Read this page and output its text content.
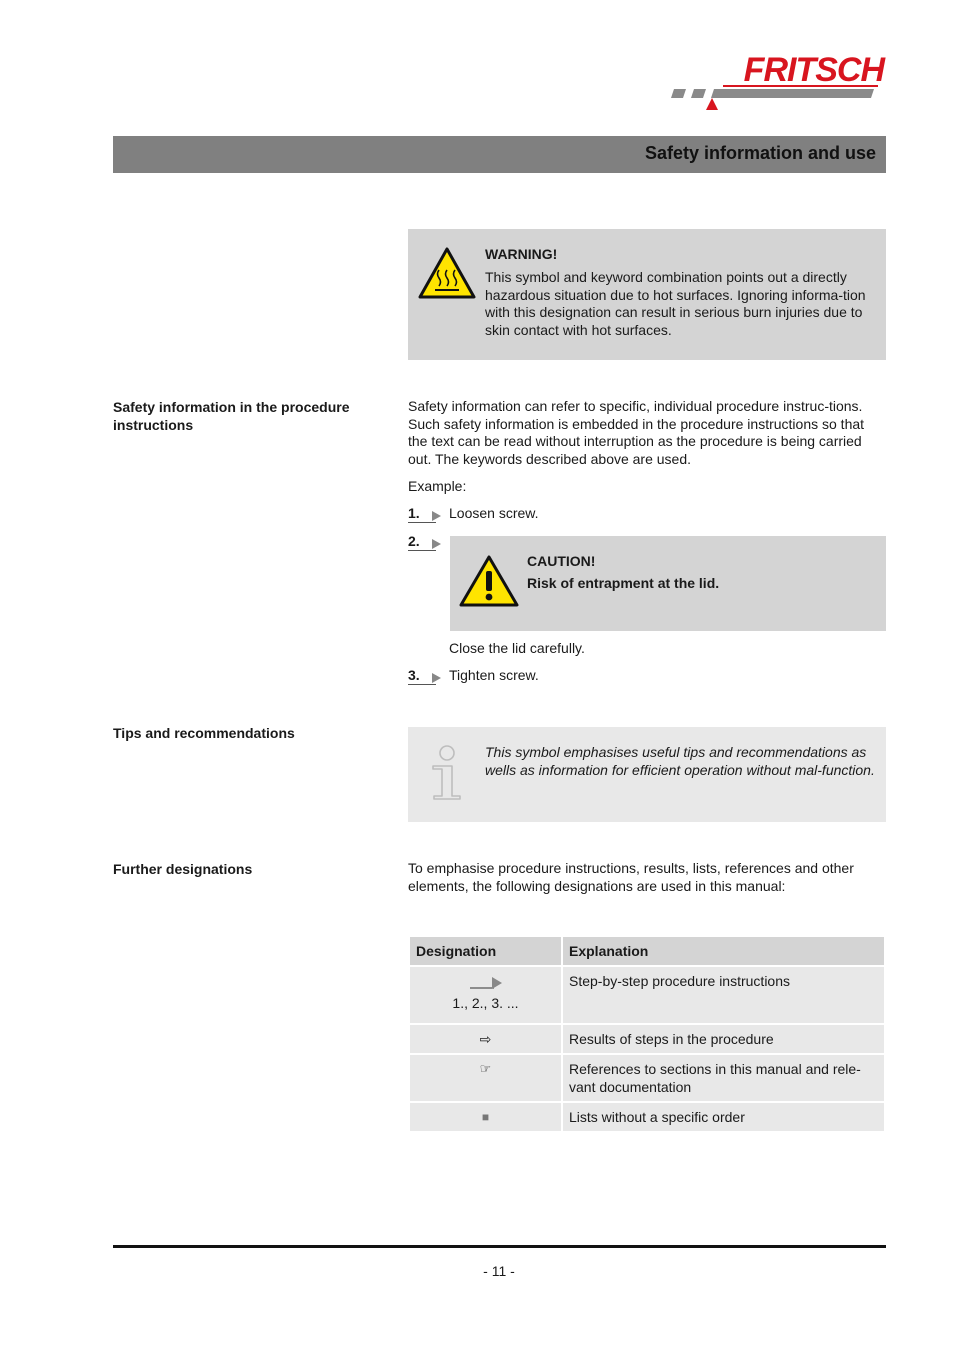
FRITSCH
Safety information and use
WARNING!
This symbol and keyword combination points out a directly hazardous situation due to hot surfaces. Ignoring informa-tion with this designation can result in serious burn injuries due to skin contact with hot surfaces.
Safety information in the procedure instructions
Safety information can refer to specific, individual procedure instruc-tions. Such safety information is embedded in the procedure instructions so that the text can be read without interruption as the procedure is being carried out. The keywords described above are used.
Example:
1.	Loosen screw.
2.
CAUTION!
Risk of entrapment at the lid.
Close the lid carefully.
3.	Tighten screw.
Tips and recommendations
This symbol emphasises useful tips and recommendations as wells as information for efficient operation without mal-function.
Further designations	To emphasise procedure instructions, results, lists, references and other elements, the following designations are used in this manual:
Designation	Explanation

1., 2., 3. ...	Step-by-step procedure instructions
⇨	Results of steps in the procedure
☞	References to sections in this manual and rele-vant documentation
■	Lists without a specific order
- 11 -
